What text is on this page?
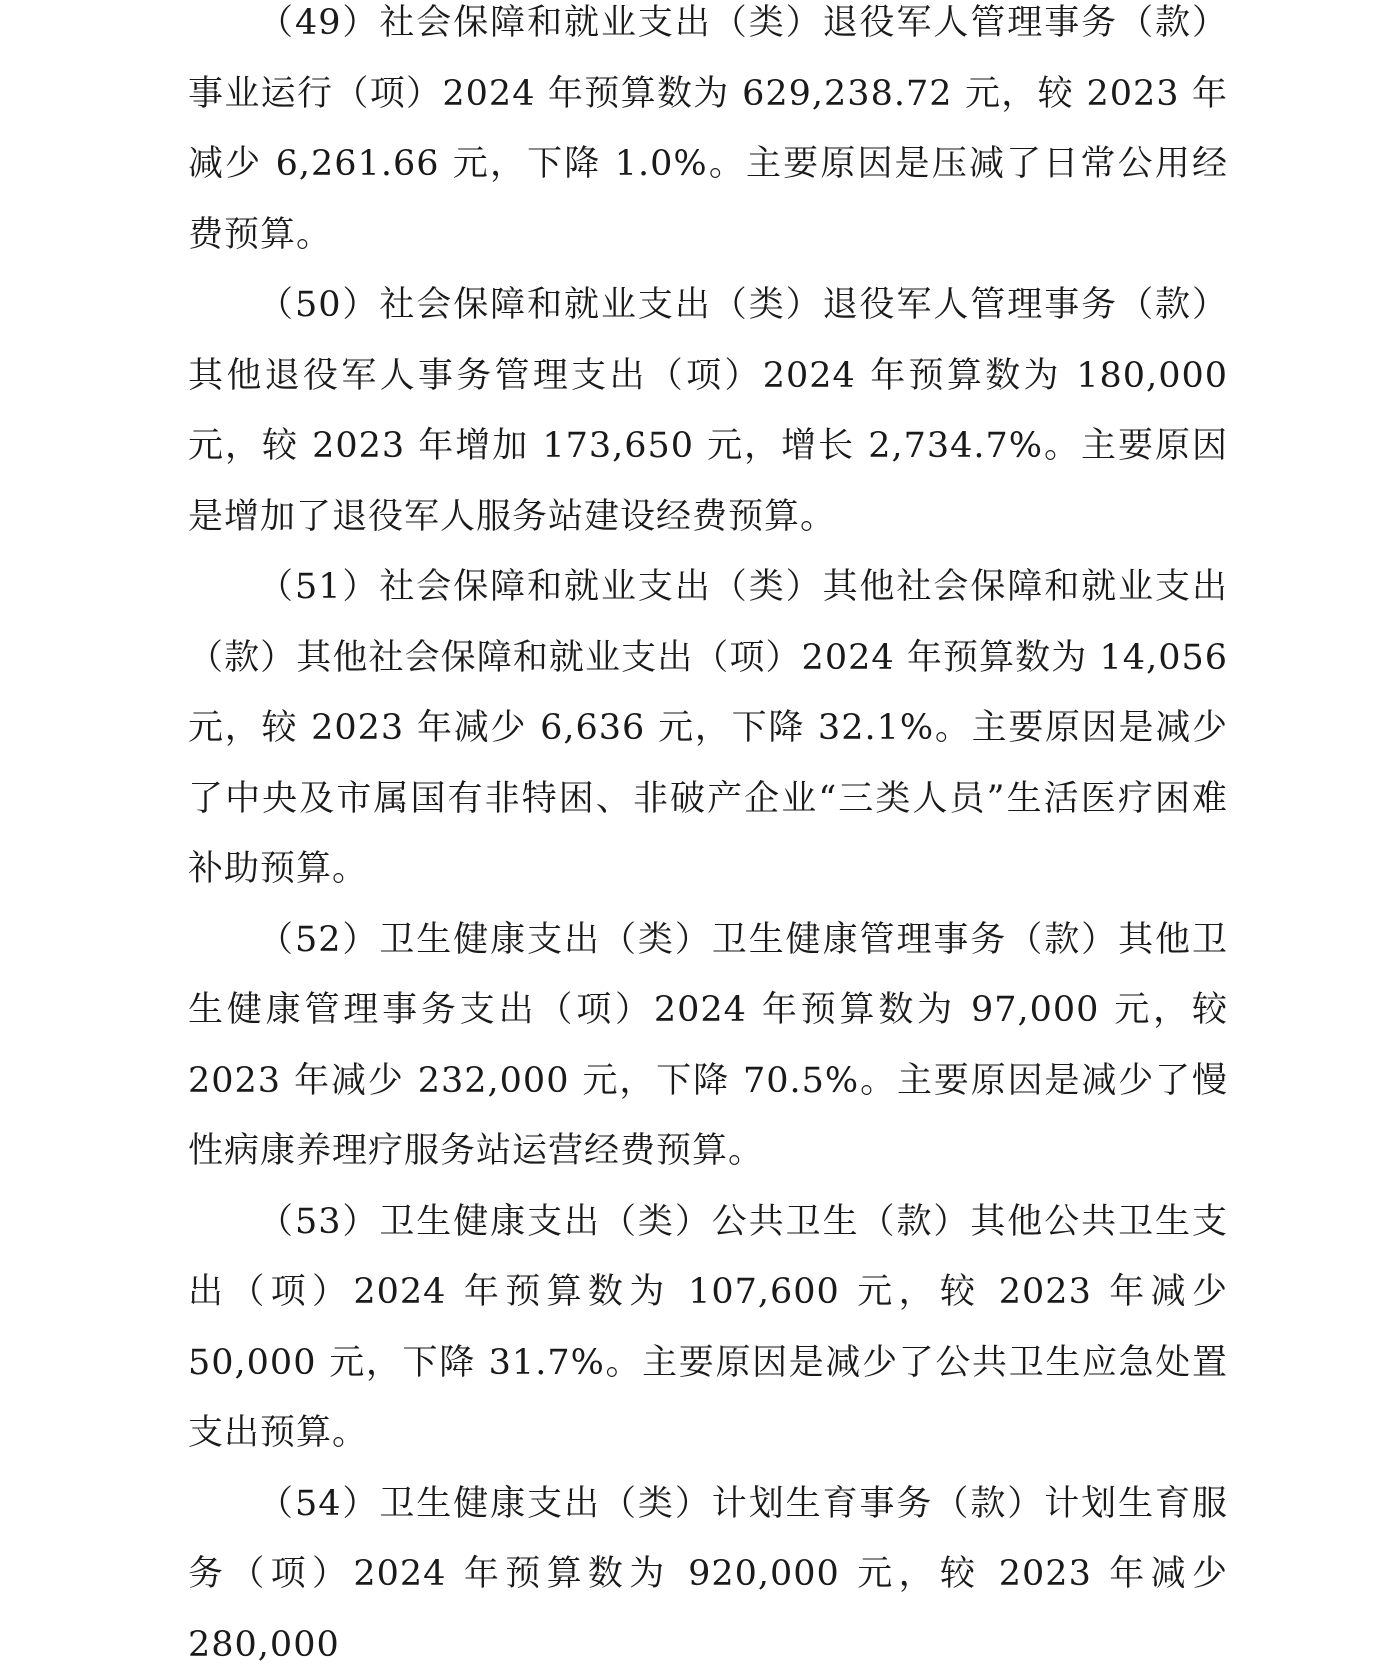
（49）社会保障和就业支出（类）退役军人管理事务（款）事业运行（项）2024 年预算数为 629,238.72 元，较 2023 年减少 6,261.66 元，下降 1.0%。主要原因是压减了日常公用经费预算。

（50）社会保障和就业支出（类）退役军人管理事务（款）其他退役军人事务管理支出（项）2024 年预算数为 180,000 元，较 2023 年增加 173,650 元，增长 2,734.7%。主要原因是增加了退役军人服务站建设经费预算。

（51）社会保障和就业支出（类）其他社会保障和就业支出（款）其他社会保障和就业支出（项）2024 年预算数为 14,056 元，较 2023 年减少 6,636 元，下降 32.1%。主要原因是减少了中央及市属国有非特困、非破产企业“三类人员”生活医疗困难补助预算。

（52）卫生健康支出（类）卫生健康管理事务（款）其他卫生健康管理事务支出（项）2024 年预算数为 97,000 元，较 2023 年减少 232,000 元，下降 70.5%。主要原因是减少了慢性病康养理疗服务站运营经费预算。

（53）卫生健康支出（类）公共卫生（款）其他公共卫生支出（项）2024 年预算数为 107,600 元，较 2023 年减少 50,000 元，下降 31.7%。主要原因是减少了公共卫生应急处置支出预算。

（54）卫生健康支出（类）计划生育事务（款）计划生育服务（项）2024 年预算数为 920,000 元，较 2023 年减少 280,000
